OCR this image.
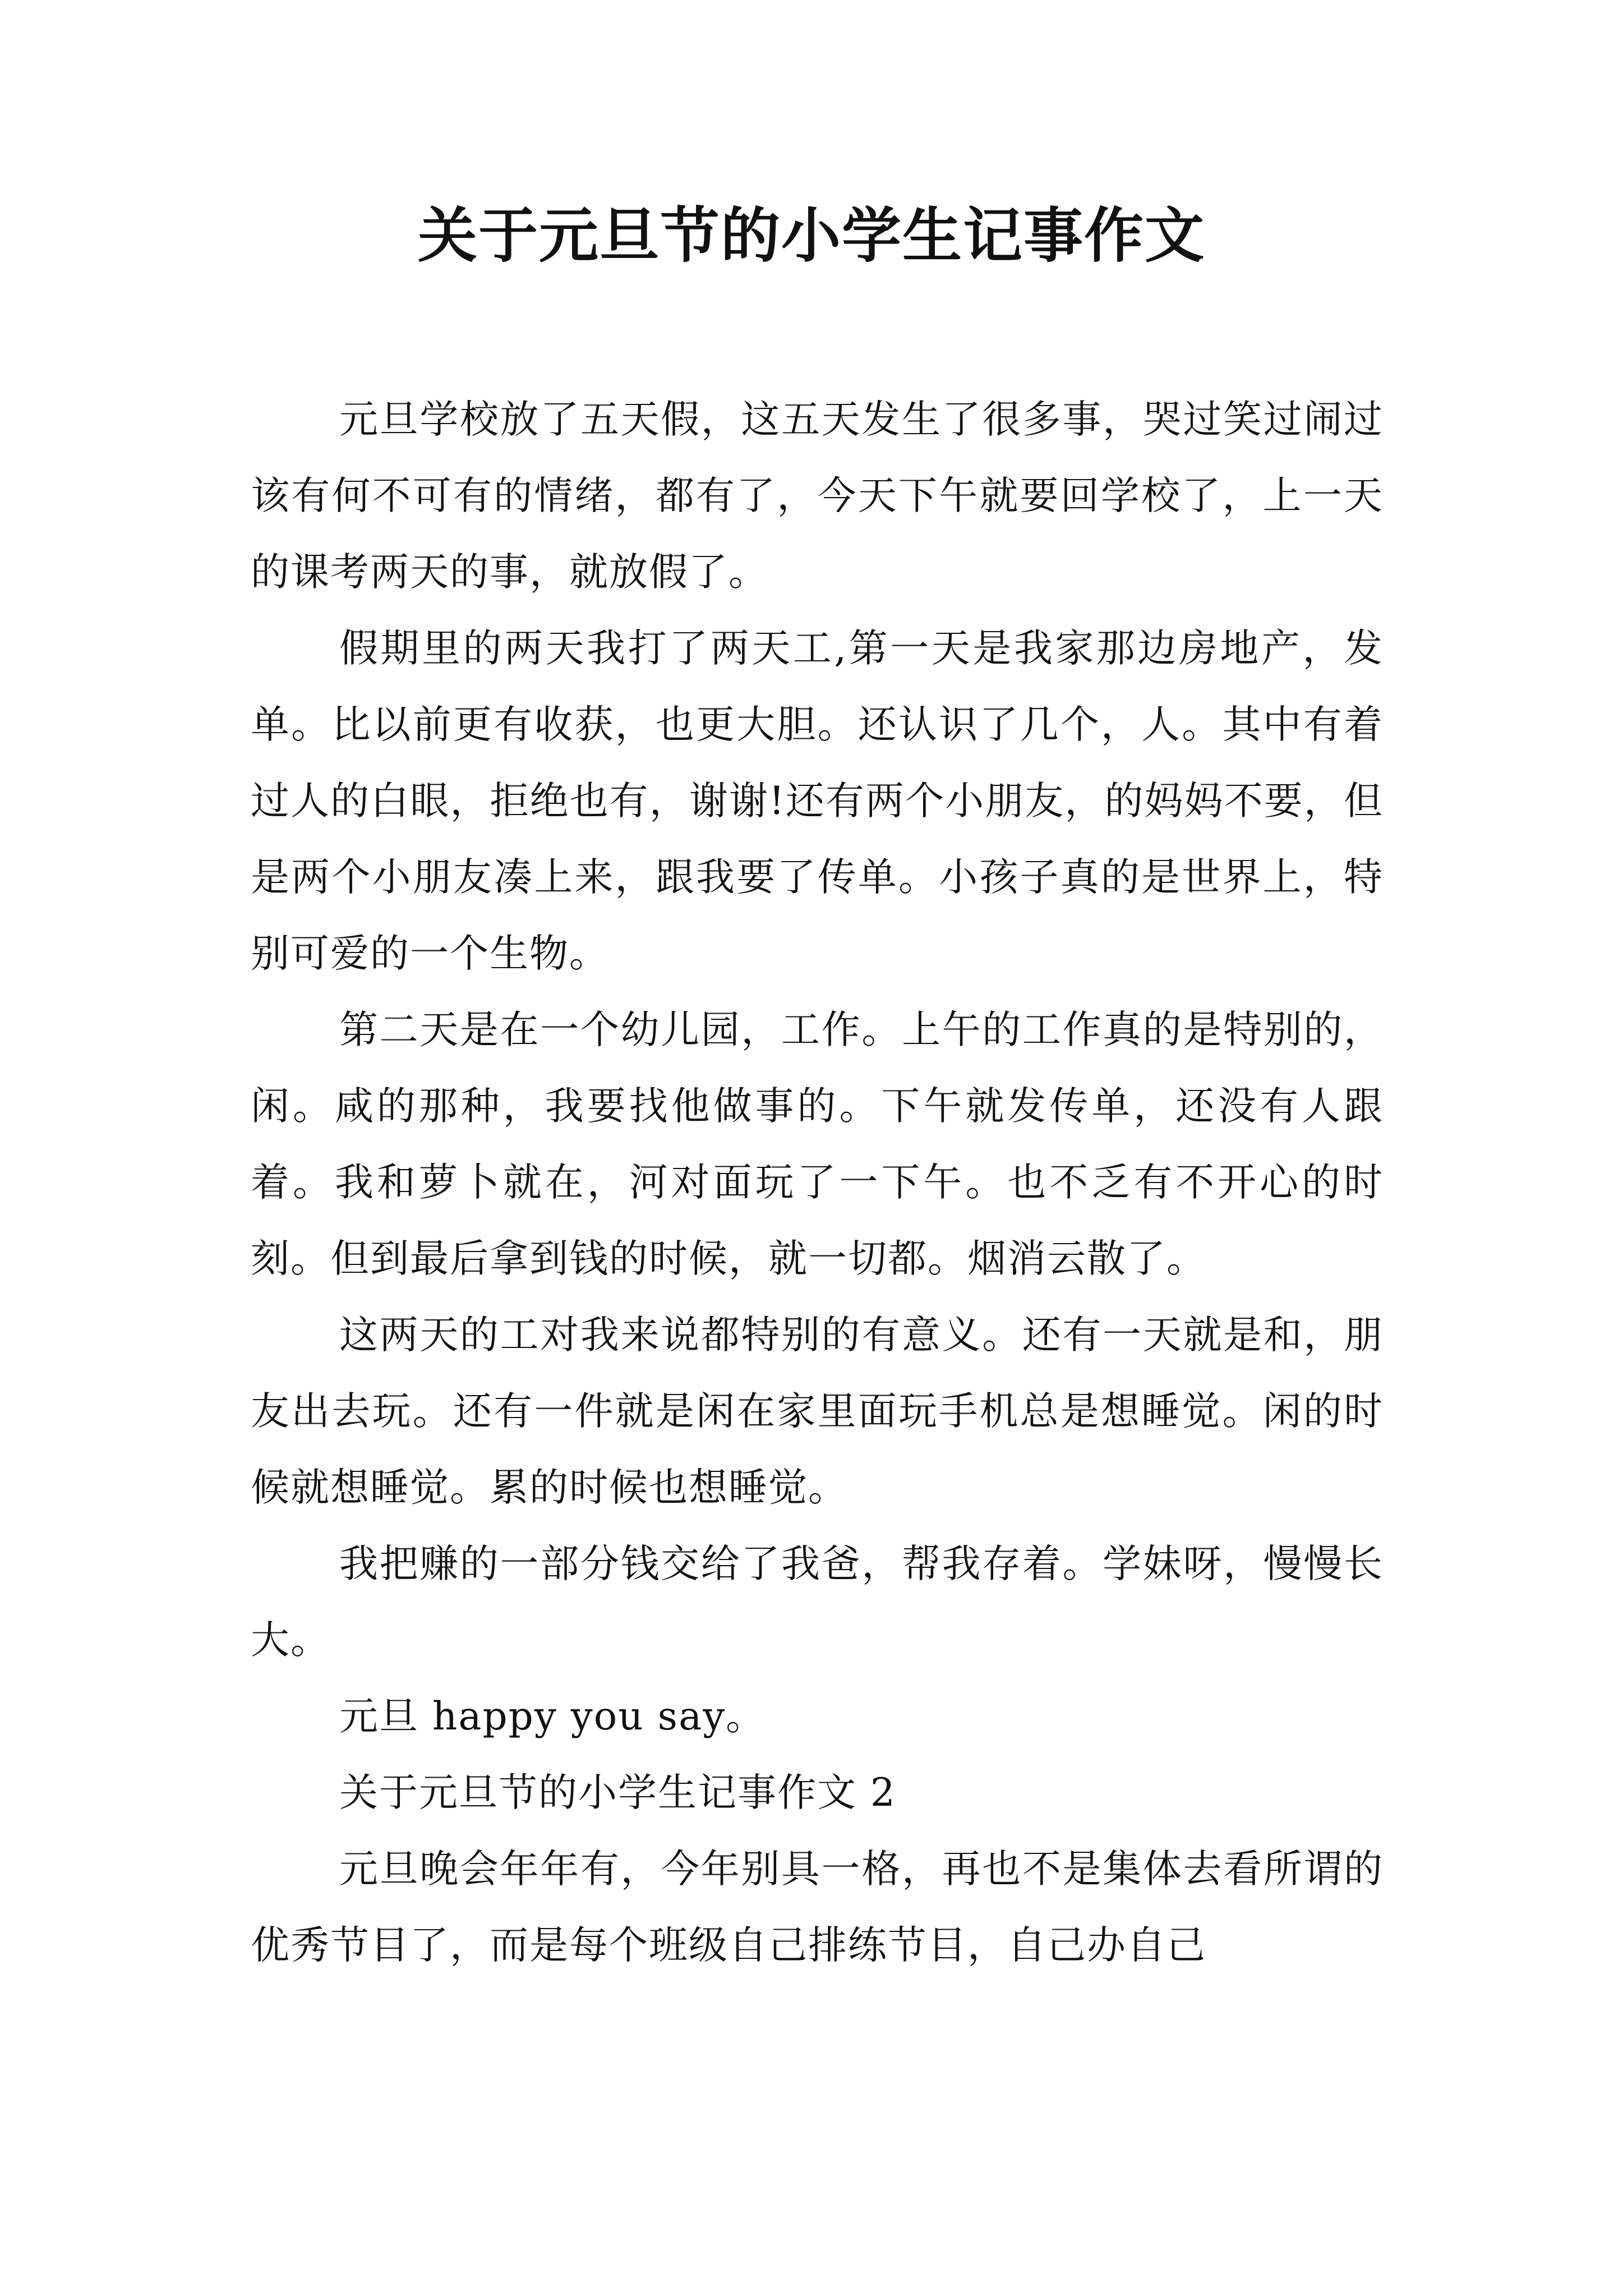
关于元旦节的小学生记事作文

元旦学校放了五天假，这五天发生了很多事，哭过笑过闹过该有何不可有的情绪，都有了，今天下午就要回学校了，上一天的课考两天的事，就放假了。

假期里的两天我打了两天工,第一天是我家那边房地产，发单。比以前更有收获，也更大胆。还认识了几个，人。其中有着过人的白眼，拒绝也有，谢谢!还有两个小朋友，的妈妈不要，但是两个小朋友凑上来，跟我要了传单。小孩子真的是世界上，特别可爱的一个生物。

第二天是在一个幼儿园，工作。上午的工作真的是特别的，闲。咸的那种，我要找他做事的。下午就发传单，还没有人跟着。我和萝卜就在，河对面玩了一下午。也不乏有不开心的时刻。但到最后拿到钱的时候，就一切都。烟消云散了。

这两天的工对我来说都特别的有意义。还有一天就是和，朋友出去玩。还有一件就是闲在家里面玩手机总是想睡觉。闲的时候就想睡觉。累的时候也想睡觉。

我把赚的一部分钱交给了我爸，帮我存着。学妹呀，慢慢长大。

元旦 happy you say。

关于元旦节的小学生记事作文 2

元旦晚会年年有，今年别具一格，再也不是集体去看所谓的优秀节目了，而是每个班级自己排练节目，自己办自己
